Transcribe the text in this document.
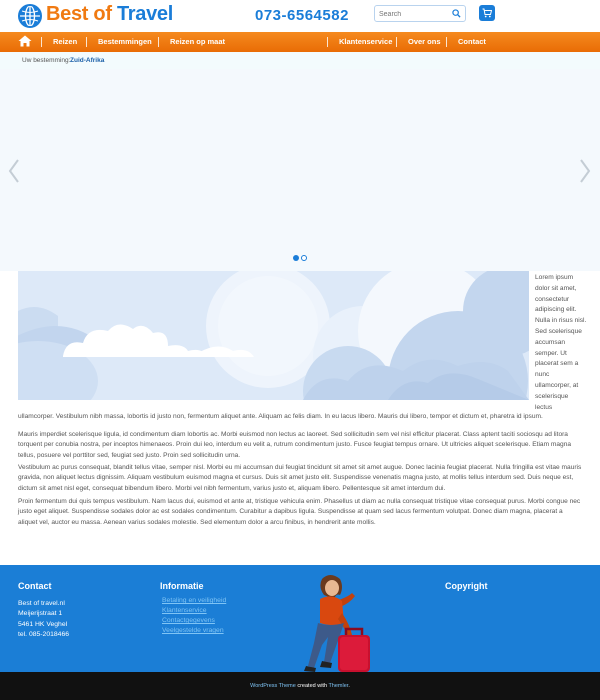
Best of Travel	073-6564582
Search
Reizen	Bestemmingen Reizen op maat	Klantenservice Over ons Contact
Uw bestemming: Zuid-Afrika
Lorem ipsum dolor sit amet, consectetur adipiscing elit. Nulla in risus nisl. Sed scelerisque accumsan semper. Ut placerat sem a nunc ullamcorper, at scelerisque lectus

ullamcorper. Vestibulum nibh massa, lobortis id justo non, fermentum aliquet ante. Aliquam ac felis diam. In eu lacus libero. Mauris dui libero, tempor et dictum et, pharetra id ipsum.

Mauris imperdiet scelerisque ligula, id condimentum diam lobortis ac. Morbi euismod non lectus ac laoreet. Sed sollicitudin sem vel nisl efficitur placerat. Class aptent taciti sociosqu ad litora torquent per conubia nostra, per inceptos himenaeos. Proin dui leo, interdum eu velit a, rutrum condimentum justo. Fusce feugiat tempus ornare. Ut ultricies aliquet scelerisque. Etiam magna tellus, posuere vel porttitor sed, feugiat sed justo. Proin sed sollicitudin urna.

Vestibulum ac purus consequat, blandit tellus vitae, semper nisl. Morbi eu mi accumsan dui feugiat tincidunt sit amet sit amet augue. Donec lacinia feugiat placerat. Nulla fringilla est vitae mauris gravida, non aliquet lectus dignissim. Aliquam vestibulum euismod magna et cursus. Duis sit amet justo elit. Suspendisse venenatis magna justo, at mollis tellus interdum sed. Duis neque est, dictum sit amet nisl eget, consequat bibendum libero. Morbi vel nibh fermentum, varius justo et, aliquam libero. Pellentesque sit amet interdum dui.

Proin fermentum dui quis tempus vestibulum. Nam lacus dui, euismod et ante at, tristique vehicula enim. Phasellus ut diam ac nulla consequat tristique vitae consequat purus. Morbi congue nec justo eget aliquet. Suspendisse sodales dolor ac est sodales condimentum. Curabitur a dapibus ligula. Suspendisse at quam sed lacus fermentum volutpat. Donec diam magna, placerat a aliquet vel, auctor eu massa. Aenean varius sodales molestie. Sed elementum dolor a arcu finibus, in hendrerit ante mollis.

Contact
Best of travel.nl
Meijerijstraat 1
5461 HK Veghel
tel. 085-2018466
Informatie
Betaling en veiligheid
Klantenservice
Contactgegevens
Veelgestelde vragen
Copyright
WordPress Theme created with Themler.
